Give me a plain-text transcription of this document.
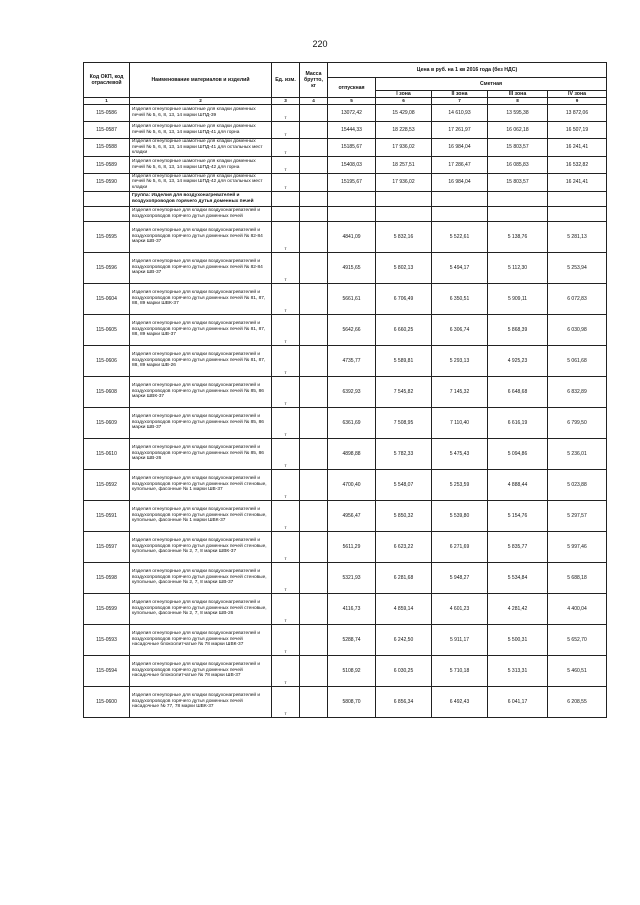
220
Код ОКП, код отраслевой	Наименование материалов и изделий	Ед. изм.	Масса брутто, кг	Цена в руб. на 1 кв 2016 года (без НДС)				
				отпускная	Сметная			
					I зона	II зона	III зона	IV зона
1	2	3	4	5	6	7	8	9
115-0586	Изделия огнеупорные шамотные для кладки доменных печей № 5, 6, 8, 13, 14 марки ШПД-39	т		13072,42	15 429,08	14 610,93	13 595,38	13 872,06
115-0587	Изделия огнеупорные шамотные для кладки доменных печей № 5, 6, 8, 13, 14 марки ШПД-41 для горна	т		15444,33	18 228,53	17 261,97	16 062,18	16 507,19
115-0588	Изделия огнеупорные шамотные для кладки доменных печей № 5, 6, 8, 13, 14 марки ШПД-41 для остальных мест кладки	т		15185,67	17 936,02	16 984,04	15 803,57	16 241,41
115-0589	Изделия огнеупорные шамотные для кладки доменных печей № 5, 6, 8, 13, 14 марки ШПД-42 для горна	т		15408,03	18 257,51	17 286,47	16 085,83	16 532,82
115-0590	Изделия огнеупорные шамотные для кладки доменных печей № 5, 6, 8, 13, 14 марки ШПД-42 для остальных мест кладки	т		15195,67	17 936,02	16 984,04	15 803,57	16 241,41
	Группа: Изделия для воздухонагревателей и воздухопроводов горячего дутья доменных печей							
	Изделия огнеупорные для кладки воздухонагревателей и воздухопроводов горячего дутья доменных печей							
115-0595	Изделия огнеупорные для кладки воздухонагревателей и воздухопроводов горячего дутья доменных печей № 82-84 марки ШВ-37	т		4841,09	5 832,16	5 522,61	5 138,76	5 281,13
115-0596	Изделия огнеупорные для кладки воздухонагревателей и воздухопроводов горячего дутья доменных печей № 82-84 марки ШВ-37	т		4915,65	5 802,13	5 494,17	5 112,30	5 253,94
115-0604	Изделия огнеупорные для кладки воздухонагревателей и воздухопроводов горячего дутья доменных печей № 81, 87, 88, 89 марки ШВК-37	т		5661,61	6 706,49	6 350,51	5 909,11	6 072,83
115-0605	Изделия огнеупорные для кладки воздухонагревателей и воздухопроводов горячего дутья доменных печей № 81, 87, 88, 89 марки ШВ-37	т		5642,66	6 660,25	6 306,74	5 868,39	6 030,98
115-0606	Изделия огнеупорные для кладки воздухонагревателей и воздухопроводов горячего дутья доменных печей № 81, 87, 88, 89 марки ШВ-26	т		4735,77	5 589,81	5 293,13	4 925,23	5 061,68
115-0608	Изделия огнеупорные для кладки воздухонагревателей и воздухопроводов горячего дутья доменных печей № 85, 86 марки ШВК-37	т		6392,93	7 545,82	7 145,32	6 648,68	6 832,89
115-0609	Изделия огнеупорные для кладки воздухонагревателей и воздухопроводов горячего дутья доменных печей № 85, 86 марки ШВ-37	т		6361,69	7 508,95	7 110,40	6 616,19	6 799,50
115-0610	Изделия огнеупорные для кладки воздухонагревателей и воздухопроводов горячего дутья доменных печей № 85, 86 марки ШВ-26	т		4898,88	5 782,33	5 475,43	5 094,86	5 236,01
115-0592	Изделия огнеупорные для кладки воздухонагревателей и воздухопроводов горячего дутья доменных печей стеновые, купольные, фасонные № 1 марки ШВ-37	т		4700,40	5 548,07	5 253,59	4 888,44	5 023,88
115-0591	Изделия огнеупорные для кладки воздухонагревателей и воздухопроводов горячего дутья доменных печей стеновые, купольные, фасонные № 1 марки ШВК-37	т		4956,47	5 850,32	5 539,80	5 154,76	5 297,57
115-0597	Изделия огнеупорные для кладки воздухонагревателей и воздухопроводов горячего дутья доменных печей стеновые, купольные, фасонные № 2, 7, 8 марки ШВК-37	т		5611,29	6 623,22	6 271,69	5 835,77	5 997,46
115-0598	Изделия огнеупорные для кладки воздухонагревателей и воздухопроводов горячего дутья доменных печей стеновые, купольные, фасонные № 2, 7, 8 марки ШВ-37	т		5321,93	6 281,68	5 948,27	5 534,84	5 688,18
115-0599	Изделия огнеупорные для кладки воздухонагревателей и воздухопроводов горячего дутья доменных печей стеновые, купольные, фасонные № 2, 7, 8 марки ШВ-26	т		4116,73	4 859,14	4 601,23	4 281,42	4 400,04
115-0593	Изделия огнеупорные для кладки воздухонагревателей и воздухопроводов горячего дутья доменных печей насадочные блокоолитчатые № 78 марки ШВК-37	т		5288,74	6 242,50	5 911,17	5 500,31	5 652,70
115-0594	Изделия огнеупорные для кладки воздухонагревателей и воздухопроводов горячего дутья доменных печей насадочные блокоолитчатые № 78 марки ШВ-37	т		5108,92	6 030,25	5 710,18	5 313,31	5 460,51
115-0600	Изделия огнеупорные для кладки воздухонагревателей и воздухопроводов горячего дутья доменных печей насадочные № 77, 78 марки ШВК-37	т		5808,70	6 856,34	6 492,43	6 041,17	6 208,55
